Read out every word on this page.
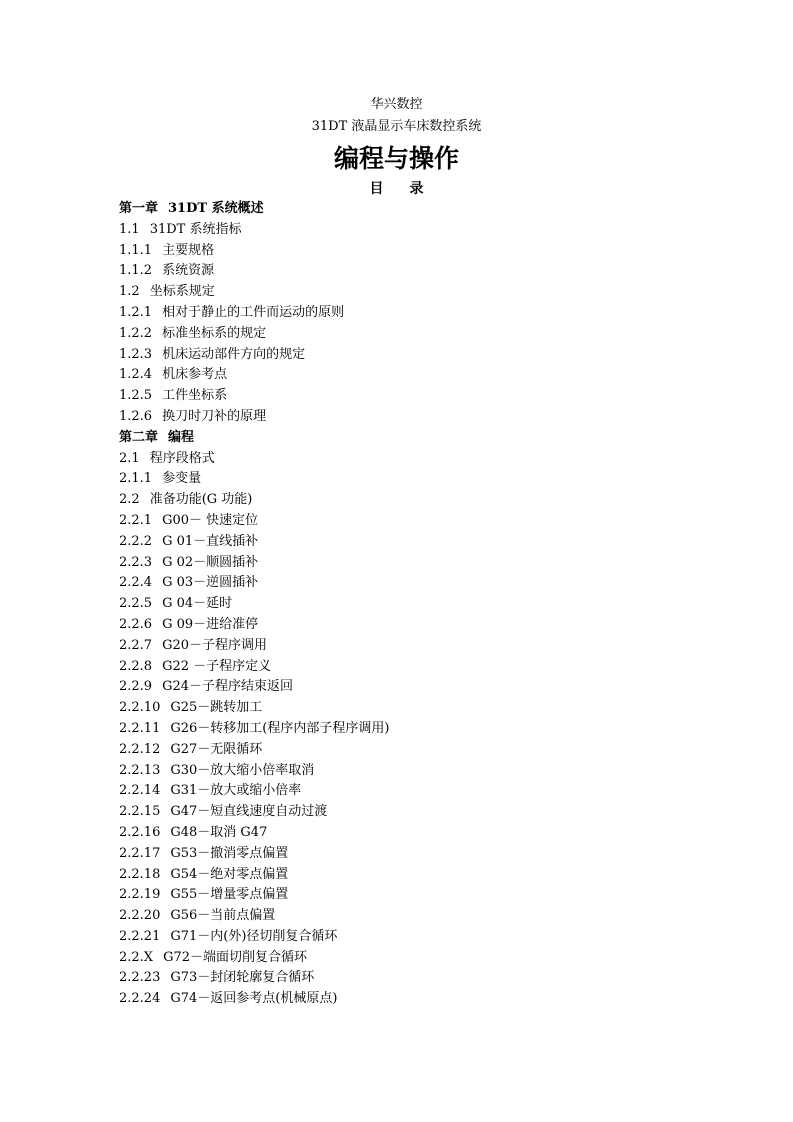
华兴数控
31DT 液晶显示车床数控系统
编程与操作
目录
第一章 31DT 系统概述
1.1 31DT 系统指标
1.1.1 主要规格
1.1.2 系统资源
1.2 坐标系规定
1.2.1 相对于静止的工件而运动的原则
1.2.2 标准坐标系的规定
1.2.3 机床运动部件方向的规定
1.2.4 机床参考点
1.2.5 工件坐标系
1.2.6 换刀时刀补的原理
第二章 编程
2.1 程序段格式
2.1.1 参变量
2.2 准备功能(G 功能)
2.2.1 G00－ 快速定位
2.2.2 G 01－直线插补
2.2.3 G 02－顺圆插补
2.2.4 G 03－逆圆插补
2.2.5 G 04－延时
2.2.6 G 09－进给准停
2.2.7 G20－子程序调用
2.2.8 G22 －子程序定义
2.2.9 G24－子程序结束返回
2.2.10 G25－跳转加工
2.2.11 G26－转移加工(程序内部子程序调用)
2.2.12 G27－无限循环
2.2.13 G30－放大缩小倍率取消
2.2.14 G31－放大或缩小倍率
2.2.15 G47－短直线速度自动过渡
2.2.16 G48－取消 G47
2.2.17 G53－撤消零点偏置
2.2.18 G54－绝对零点偏置
2.2.19 G55－增量零点偏置
2.2.20 G56－当前点偏置
2.2.21 G71－内(外)径切削复合循环
2.2.X G72－端面切削复合循环
2.2.23 G73－封闭轮廓复合循环
2.2.24 G74－返回参考点(机械原点)
